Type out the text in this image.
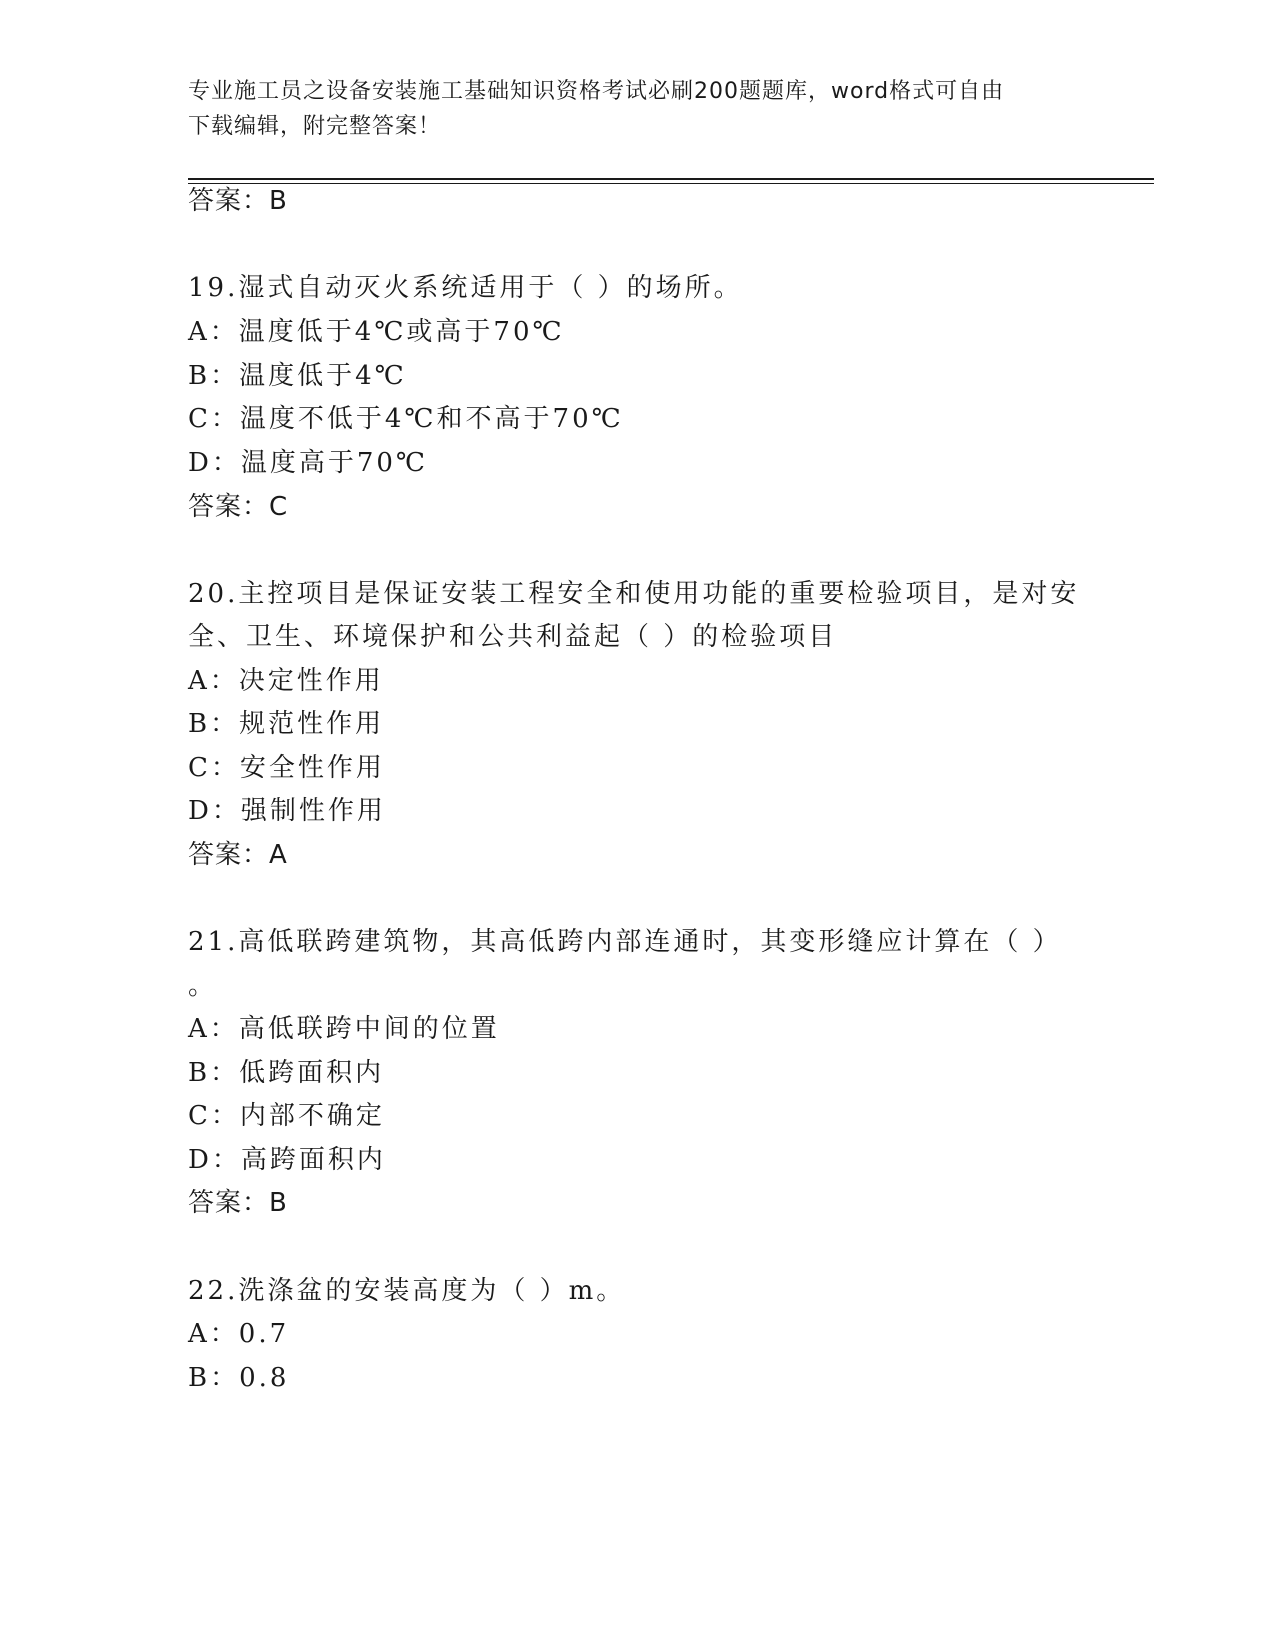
专业施工员之设备安装施工基础知识资格考试必刷200题题库，word格式可自由
下载编辑，附完整答案！
答案：B
19.湿式自动灭火系统适用于（ ）的场所。
A：温度低于4℃或高于70℃
B：温度低于4℃
C：温度不低于4℃和不高于70℃
D：温度高于70℃
答案：C
20.主控项目是保证安装工程安全和使用功能的重要检验项目，是对安
全、卫生、环境保护和公共利益起（ ）的检验项目
A：决定性作用
B：规范性作用
C：安全性作用
D：强制性作用
答案：A
21.高低联跨建筑物，其高低跨内部连通时，其变形缝应计算在（ ）
。
A：高低联跨中间的位置
B：低跨面积内
C：内部不确定
D：高跨面积内
答案：B
22.洗涤盆的安装高度为（ ）m。
A：0.7
B：0.8
